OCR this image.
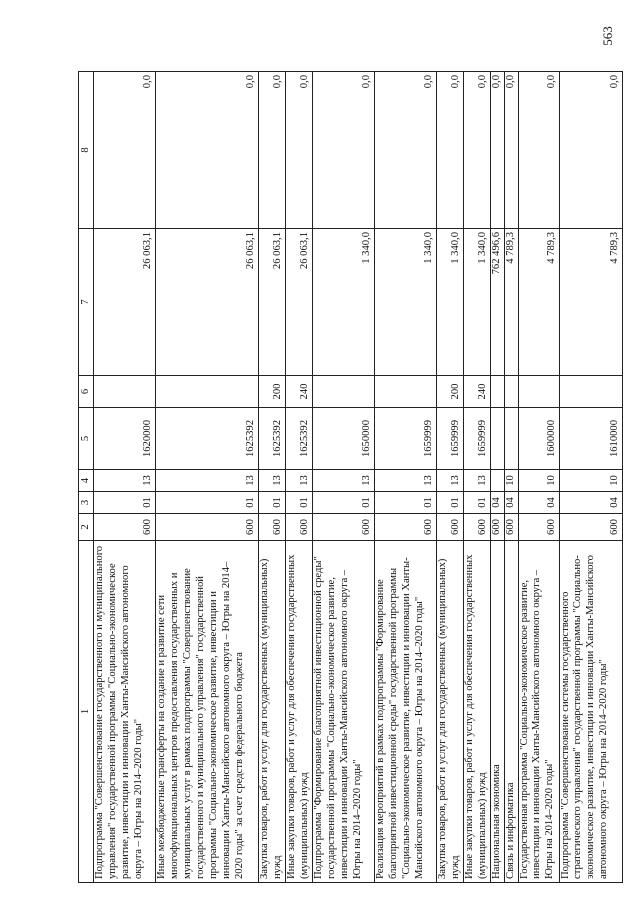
563
1	2	3	4	5	6	7	8
Подпрограмма "Совершенствование государственного и муниципального управления" государственной программы "Социально-экономическое развитие, инвестиции и инновации Ханты-Мансийского автономного округа – Югры на 2014–2020 годы"	600	01	13	1620000		26 063,1	0,0
Иные межбюджетные трансферты на создание и развитие сети многофункциональных центров предоставления государственных и муниципальных услуг в рамках подпрограммы "Совершенствование государственного и муниципального управления" государственной программы "Социально-экономическое развитие, инвестиции и инновации Ханты-Мансийского автономного округа – Югры на 2014–2020 годы" за счет средств федерального бюджета	600	01	13	1625392		26 063,1	0,0
Закупка товаров, работ и услуг для государственных (муниципальных) нужд	600	01	13	1625392	200	26 063,1	0,0
Иные закупки товаров, работ и услуг для обеспечения государственных (муниципальных) нужд	600	01	13	1625392	240	26 063,1	0,0
Подпрограмма "Формирование благоприятной инвестиционной среды" государственной программы "Социально-экономическое развитие, инвестиции и инновации Ханты-Мансийского автономного округа – Югры на 2014–2020 годы"	600	01	13	1650000		1 340,0	0,0
Реализация мероприятий в рамках подпрограммы "Формирование благоприятной инвестиционной среды" государственной программы "Социально-экономическое развитие, инвестиции и инновации Ханты-Мансийского автономного округа – Югры на 2014–2020 годы"	600	01	13	1659999		1 340,0	0,0
Закупка товаров, работ и услуг для государственных (муниципальных) нужд	600	01	13	1659999	200	1 340,0	0,0
Иные закупки товаров, работ и услуг для обеспечения государственных (муниципальных) нужд	600	01	13	1659999	240	1 340,0	0,0
Национальная экономика	600	04				762 496,6	0,0
Связь и информатика	600	04	10			4 789,3	0,0
Государственная программа "Социально-экономическое развитие, инвестиции и инновации Ханты-Мансийского автономного округа – Югры на 2014–2020 годы"	600	04	10	1600000		4 789,3	0,0
Подпрограмма "Совершенствование системы государственного стратегического управления" государственной программы "Социально-экономическое развитие, инвестиции и инновации Ханты-Мансийского автономного округа – Югры на 2014–2020 годы"	600	04	10	1610000		4 789,3	0,0
